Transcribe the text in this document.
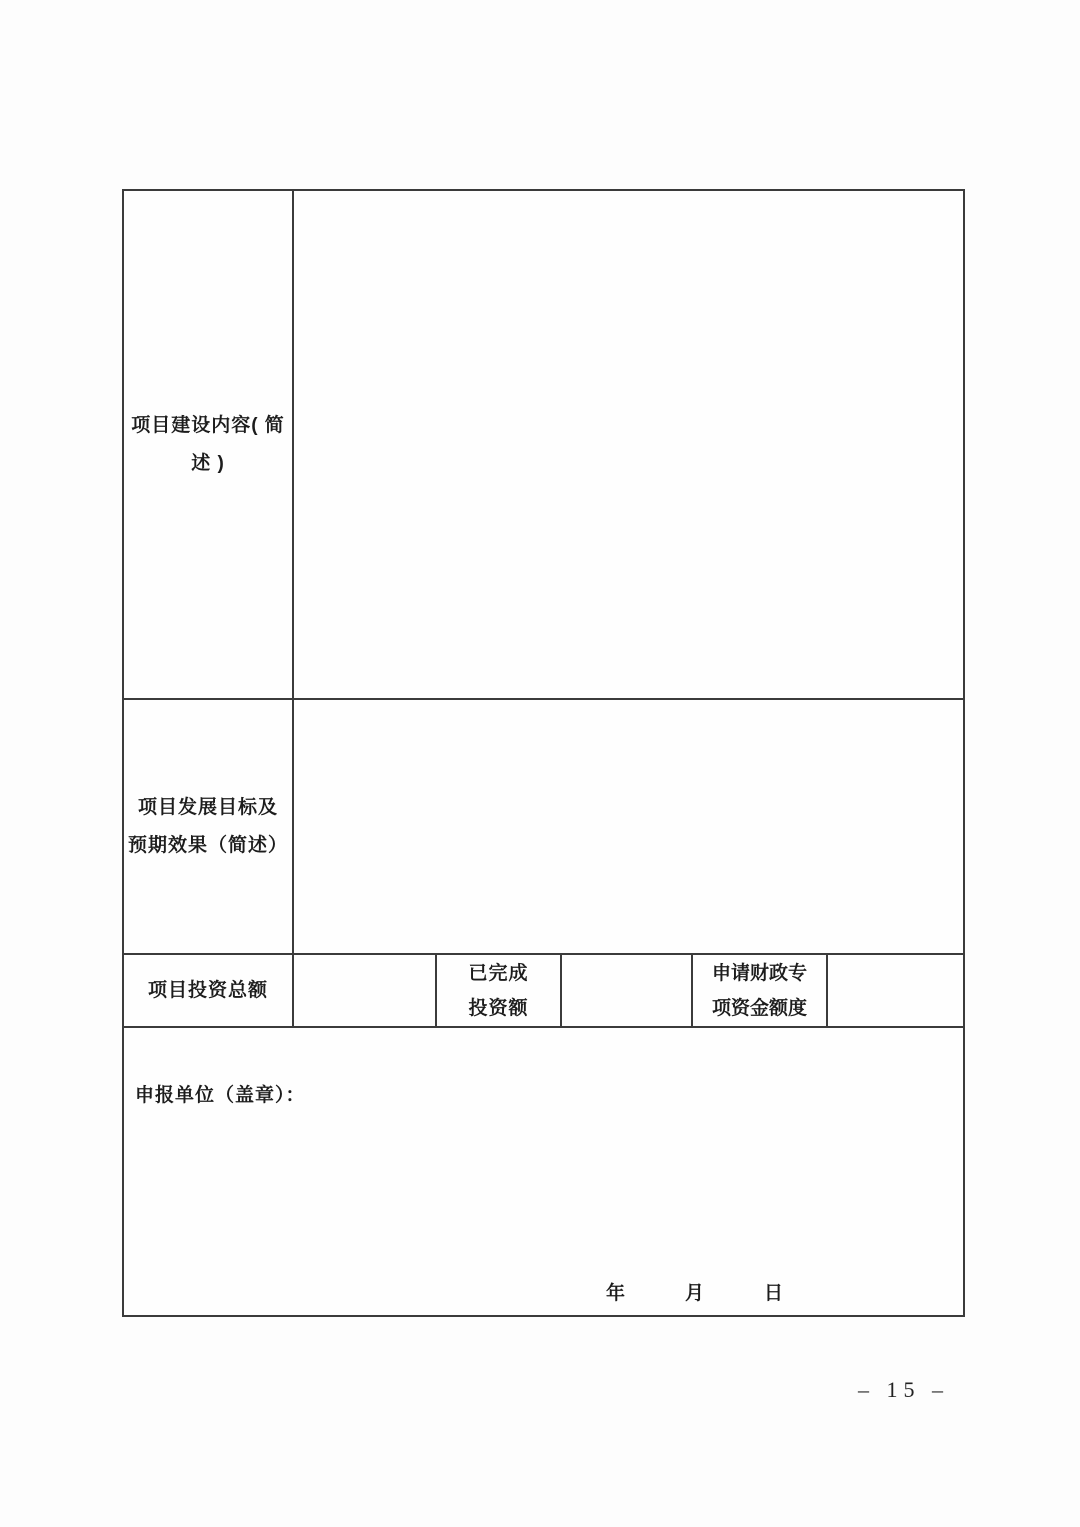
项目建设内容( 简
述 )
项目发展目标及
预期效果（简述）
项目投资总额
已完成
投资额
申请财政专
项资金额度
申报单位（盖章）：
年	月	日
– 15 –
